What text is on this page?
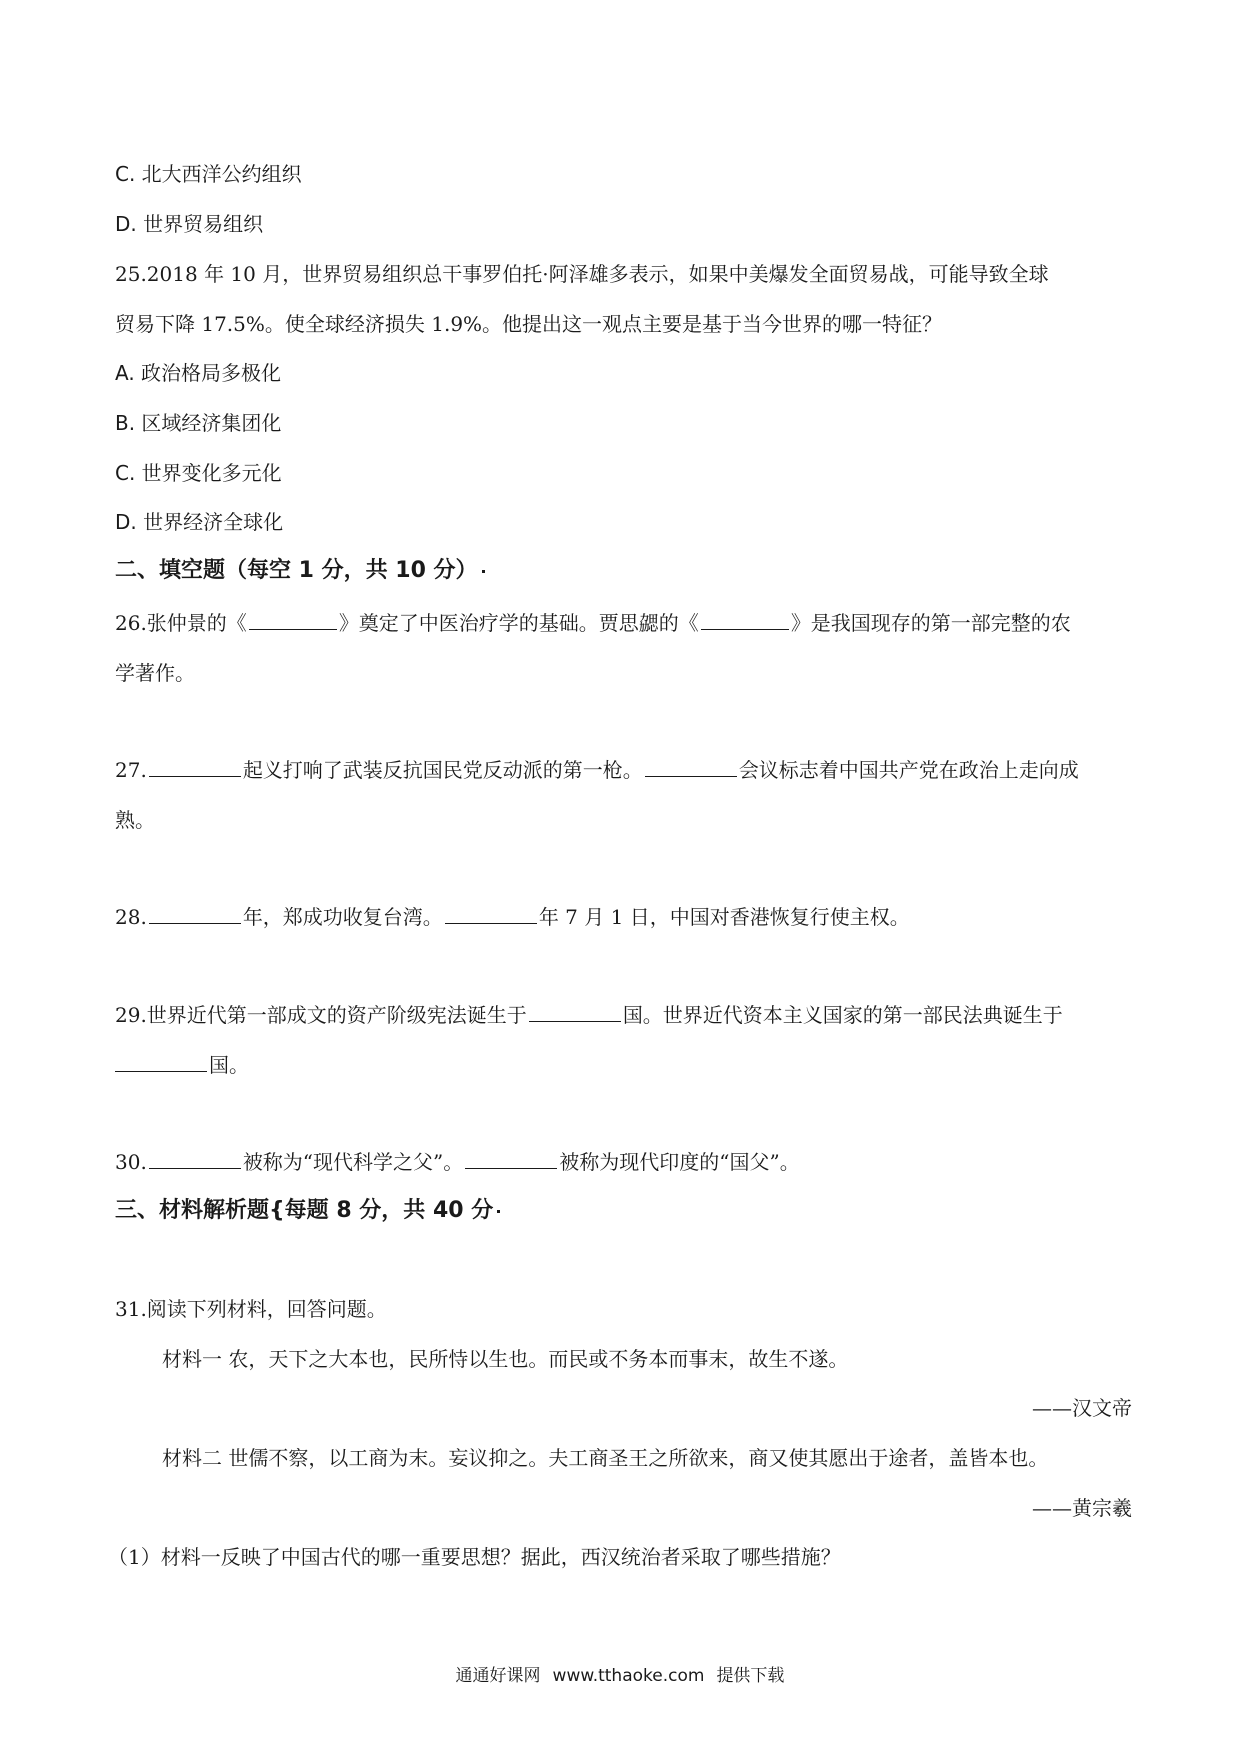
C. 北大西洋公约组织
D. 世界贸易组织
25.2018 年 10 月，世界贸易组织总干事罗伯托·阿泽雄多表示，如果中美爆发全面贸易战，可能导致全球
贸易下降 17.5%。使全球经济损失 1.9%。他提出这一观点主要是基于当今世界的哪一特征？
A. 政治格局多极化
B. 区域经济集团化
C. 世界变化多元化
D. 世界经济全球化
二、填空题（每空 1 分，共 10 分）
26.张仲景的《	》奠定了中医治疗学的基础。贾思勰的《	》是我国现存的第一部完整的农
学著作。
27.	起义打响了武装反抗国民党反动派的第一枪。	会议标志着中国共产党在政治上走向成
熟。
28.	年，郑成功收复台湾。	年 7 月 1 日，中国对香港恢复行使主权。
29.世界近代第一部成文的资产阶级宪法诞生于	国。世界近代资本主义国家的第一部民法典诞生于
国。
30.	被称为“现代科学之父”。	被称为现代印度的“国父”。
三、材料解析题{每题 8 分，共 40 分
31.阅读下列材料，回答问题。
材料一 农，天下之大本也，民所恃以生也。而民或不务本而事末，故生不遂。
——汉文帝
材料二 世儒不察，以工商为末。妄议抑之。夫工商圣王之所欲来，商又使其愿出于途者，盖皆本也。
——黄宗羲
（1）材料一反映了中国古代的哪一重要思想？据此，西汉统治者采取了哪些措施？
通通好课网 www.tthaoke.com 提供下载
